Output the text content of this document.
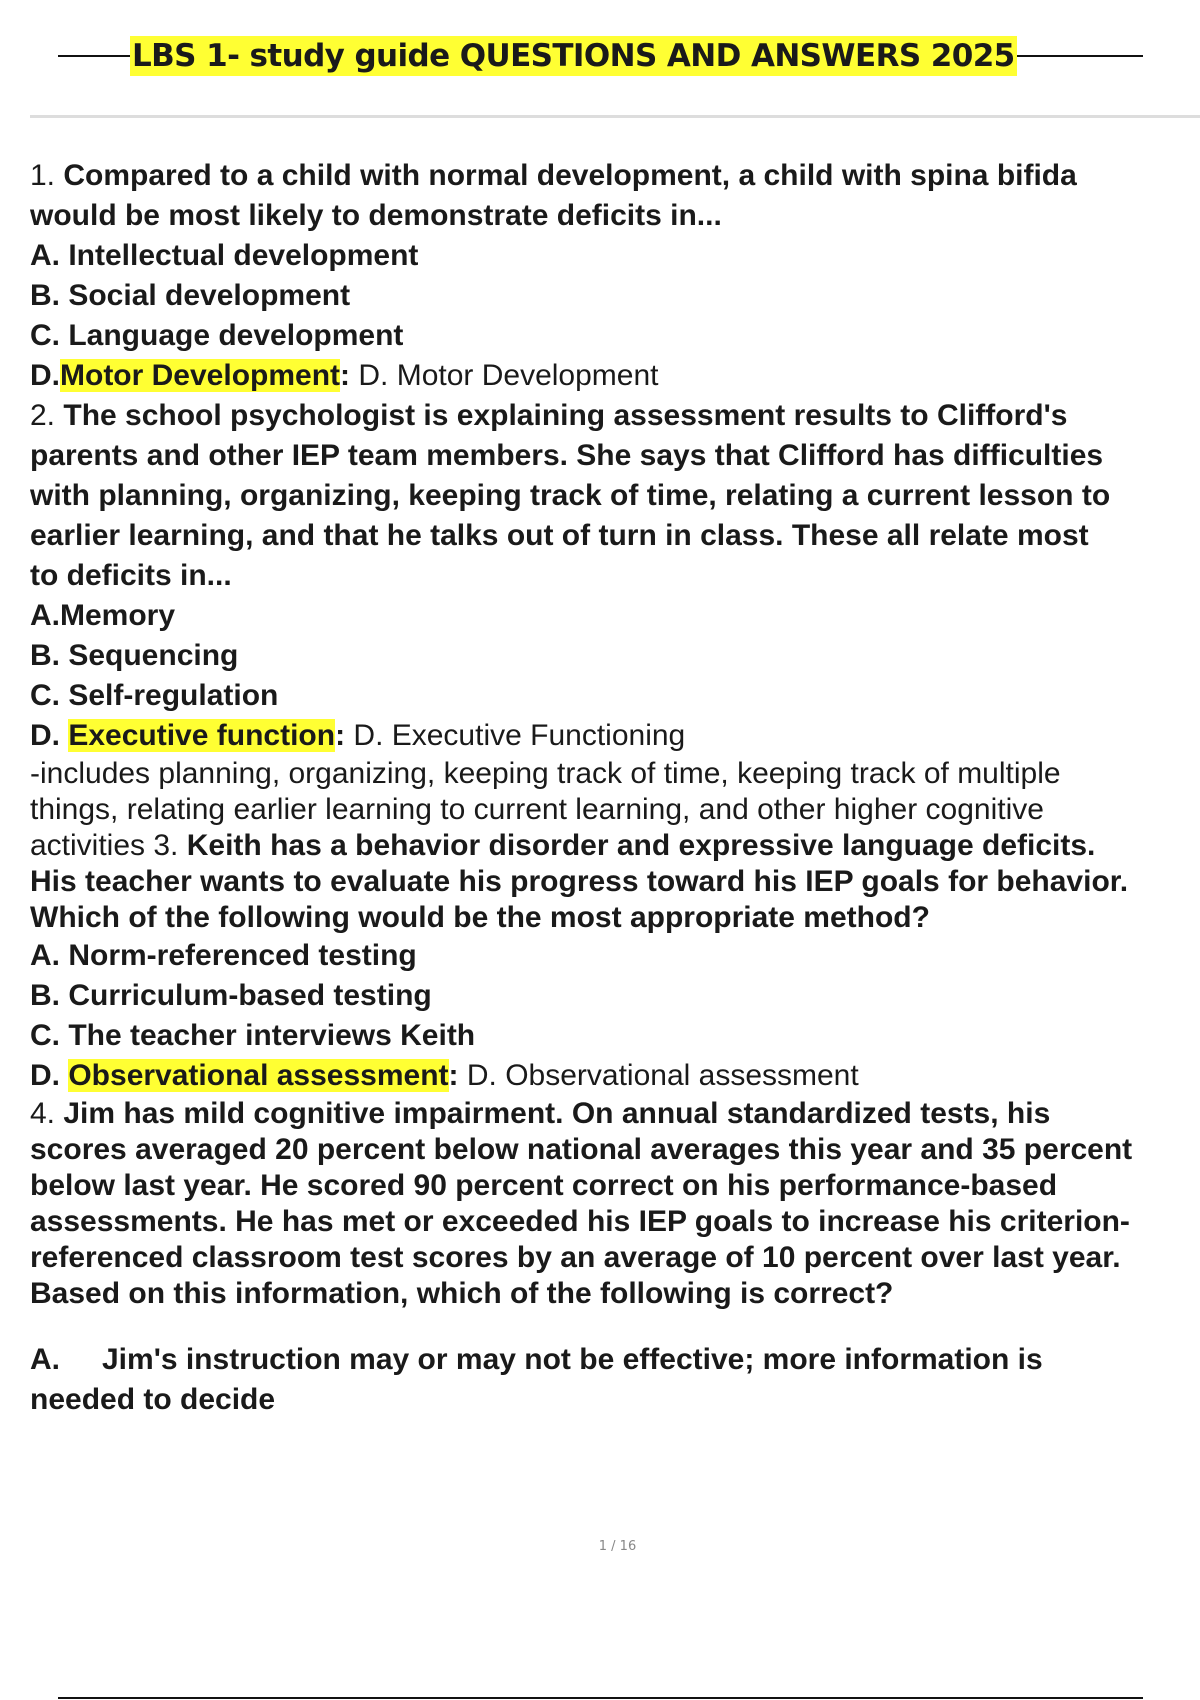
LBS 1- study guide QUESTIONS AND ANSWERS 2025
1. Compared to a child with normal development, a child with spina bifida
would be most likely to demonstrate deficits in...
A. Intellectual development
B. Social development
C. Language development
D.Motor Development: D. Motor Development
2. The school psychologist is explaining assessment results to Clifford's
parents and other IEP team members. She says that Clifford has difficulties
with planning, organizing, keeping track of time, relating a current lesson to
earlier learning, and that he talks out of turn in class. These all relate most
to deficits in...
A.Memory
B. Sequencing
C. Self-regulation
D. Executive function: D. Executive Functioning
-includes planning, organizing, keeping track of time, keeping track of multiple
things, relating earlier learning to current learning, and other higher cognitive
activities 3. Keith has a behavior disorder and expressive language deficits.
His teacher wants to evaluate his progress toward his IEP goals for behavior.
Which of the following would be the most appropriate method?
A. Norm-referenced testing
B. Curriculum-based testing
C. The teacher interviews Keith
D. Observational assessment: D. Observational assessment
4. Jim has mild cognitive impairment. On annual standardized tests, his
scores averaged 20 percent below national averages this year and 35 percent
below last year. He scored 90 percent correct on his performance-based
assessments. He has met or exceeded his IEP goals to increase his criterion-
referenced classroom test scores by an average of 10 percent over last year.
Based on this information, which of the following is correct?
A. Jim's instruction may or may not be effective; more information is
needed to decide
1 / 16
